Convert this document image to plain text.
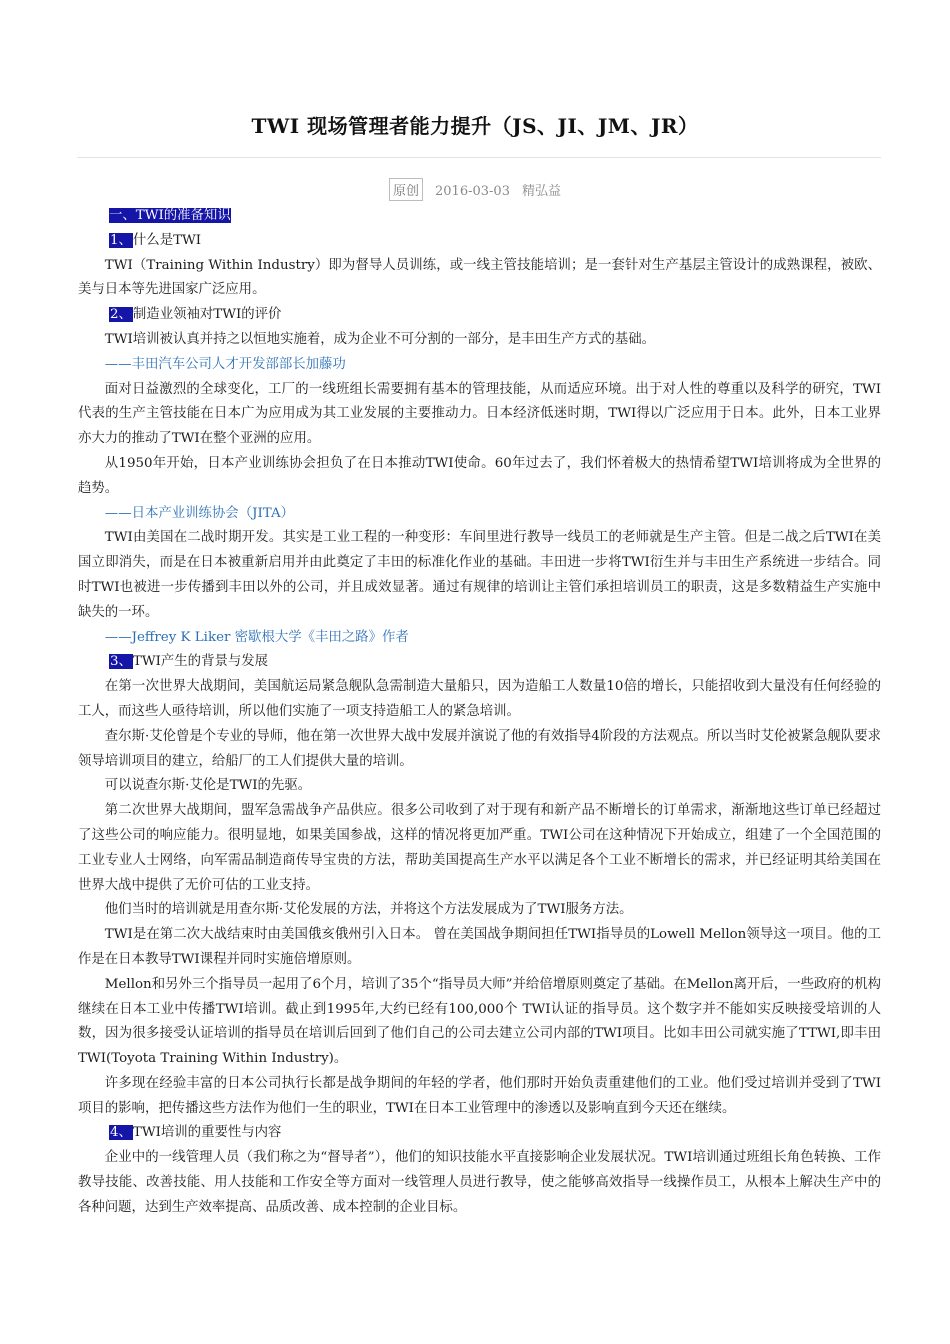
TWI 现场管理者能力提升（JS、JI、JM、JR）
原创 2016-03-03 精弘益

一、TWI的准备知识

1、什么是TWI

TWI（Training Within Industry）即为督导人员训练，或一线主管技能培训；是一套针对生产基层主管设计的成熟课程，被欧、美与日本等先进国家广泛应用。

2、制造业领袖对TWI的评价

TWI培训被认真并持之以恒地实施着，成为企业不可分割的一部分，是丰田生产方式的基础。

——丰田汽车公司人才开发部部长加藤功

面对日益激烈的全球变化，工厂的一线班组长需要拥有基本的管理技能，从而适应环境。出于对人性的尊重以及科学的研究，TWI代表的生产主管技能在日本广为应用成为其工业发展的主要推动力。日本经济低迷时期，TWI得以广泛应用于日本。此外，日本工业界亦大力的推动了TWI在整个亚洲的应用。

从1950年开始，日本产业训练协会担负了在日本推动TWI使命。60年过去了，我们怀着极大的热情希望TWI培训将成为全世界的趋势。

——日本产业训练协会（JITA）

TWI由美国在二战时期开发。其实是工业工程的一种变形：车间里进行教导一线员工的老师就是生产主管。但是二战之后TWI在美国立即消失，而是在日本被重新启用并由此奠定了丰田的标准化作业的基础。丰田进一步将TWI衍生并与丰田生产系统进一步结合。同时TWI也被进一步传播到丰田以外的公司，并且成效显著。通过有规律的培训让主管们承担培训员工的职责，这是多数精益生产实施中缺失的一环。

——Jeffrey K Liker 密歇根大学《丰田之路》作者

3、TWI产生的背景与发展

在第一次世界大战期间，美国航运局紧急舰队急需制造大量船只，因为造船工人数量10倍的增长，只能招收到大量没有任何经验的工人，而这些人亟待培训，所以他们实施了一项支持造船工人的紧急培训。

查尔斯·艾伦曾是个专业的导师，他在第一次世界大战中发展并演说了他的有效指导4阶段的方法观点。所以当时艾伦被紧急舰队要求领导培训项目的建立，给船厂的工人们提供大量的培训。

可以说查尔斯·艾伦是TWI的先驱。

第二次世界大战期间，盟军急需战争产品供应。很多公司收到了对于现有和新产品不断增长的订单需求，渐渐地这些订单已经超过了这些公司的响应能力。很明显地，如果美国参战，这样的情况将更加严重。TWI公司在这种情况下开始成立，组建了一个全国范围的工业专业人士网络，向军需品制造商传导宝贵的方法，帮助美国提高生产水平以满足各个工业不断增长的需求，并已经证明其给美国在世界大战中提供了无价可估的工业支持。

他们当时的培训就是用查尔斯·艾伦发展的方法，并将这个方法发展成为了TWI服务方法。

TWI是在第二次大战结束时由美国俄亥俄州引入日本。 曾在美国战争期间担任TWI指导员的Lowell Mellon领导这一项目。他的工作是在日本教导TWI课程并同时实施倍增原则。

Mellon和另外三个指导员一起用了6个月，培训了35个“指导员大师”并给倍增原则奠定了基础。在Mellon离开后，一些政府的机构继续在日本工业中传播TWI培训。截止到1995年,大约已经有100,000个 TWI认证的指导员。这个数字并不能如实反映接受培训的人数，因为很多接受认证培训的指导员在培训后回到了他们自己的公司去建立公司内部的TWI项目。比如丰田公司就实施了TTWI,即丰田TWI(Toyota Training Within Industry)。

许多现在经验丰富的日本公司执行长都是战争期间的年轻的学者，他们那时开始负责重建他们的工业。他们受过培训并受到了TWI项目的影响，把传播这些方法作为他们一生的职业，TWI在日本工业管理中的渗透以及影响直到今天还在继续。

4、TWI培训的重要性与内容

企业中的一线管理人员（我们称之为“督导者”），他们的知识技能水平直接影响企业发展状况。TWI培训通过班组长角色转换、工作教导技能、改善技能、用人技能和工作安全等方面对一线管理人员进行教导，使之能够高效指导一线操作员工，从根本上解决生产中的各种问题，达到生产效率提高、品质改善、成本控制的企业目标。
